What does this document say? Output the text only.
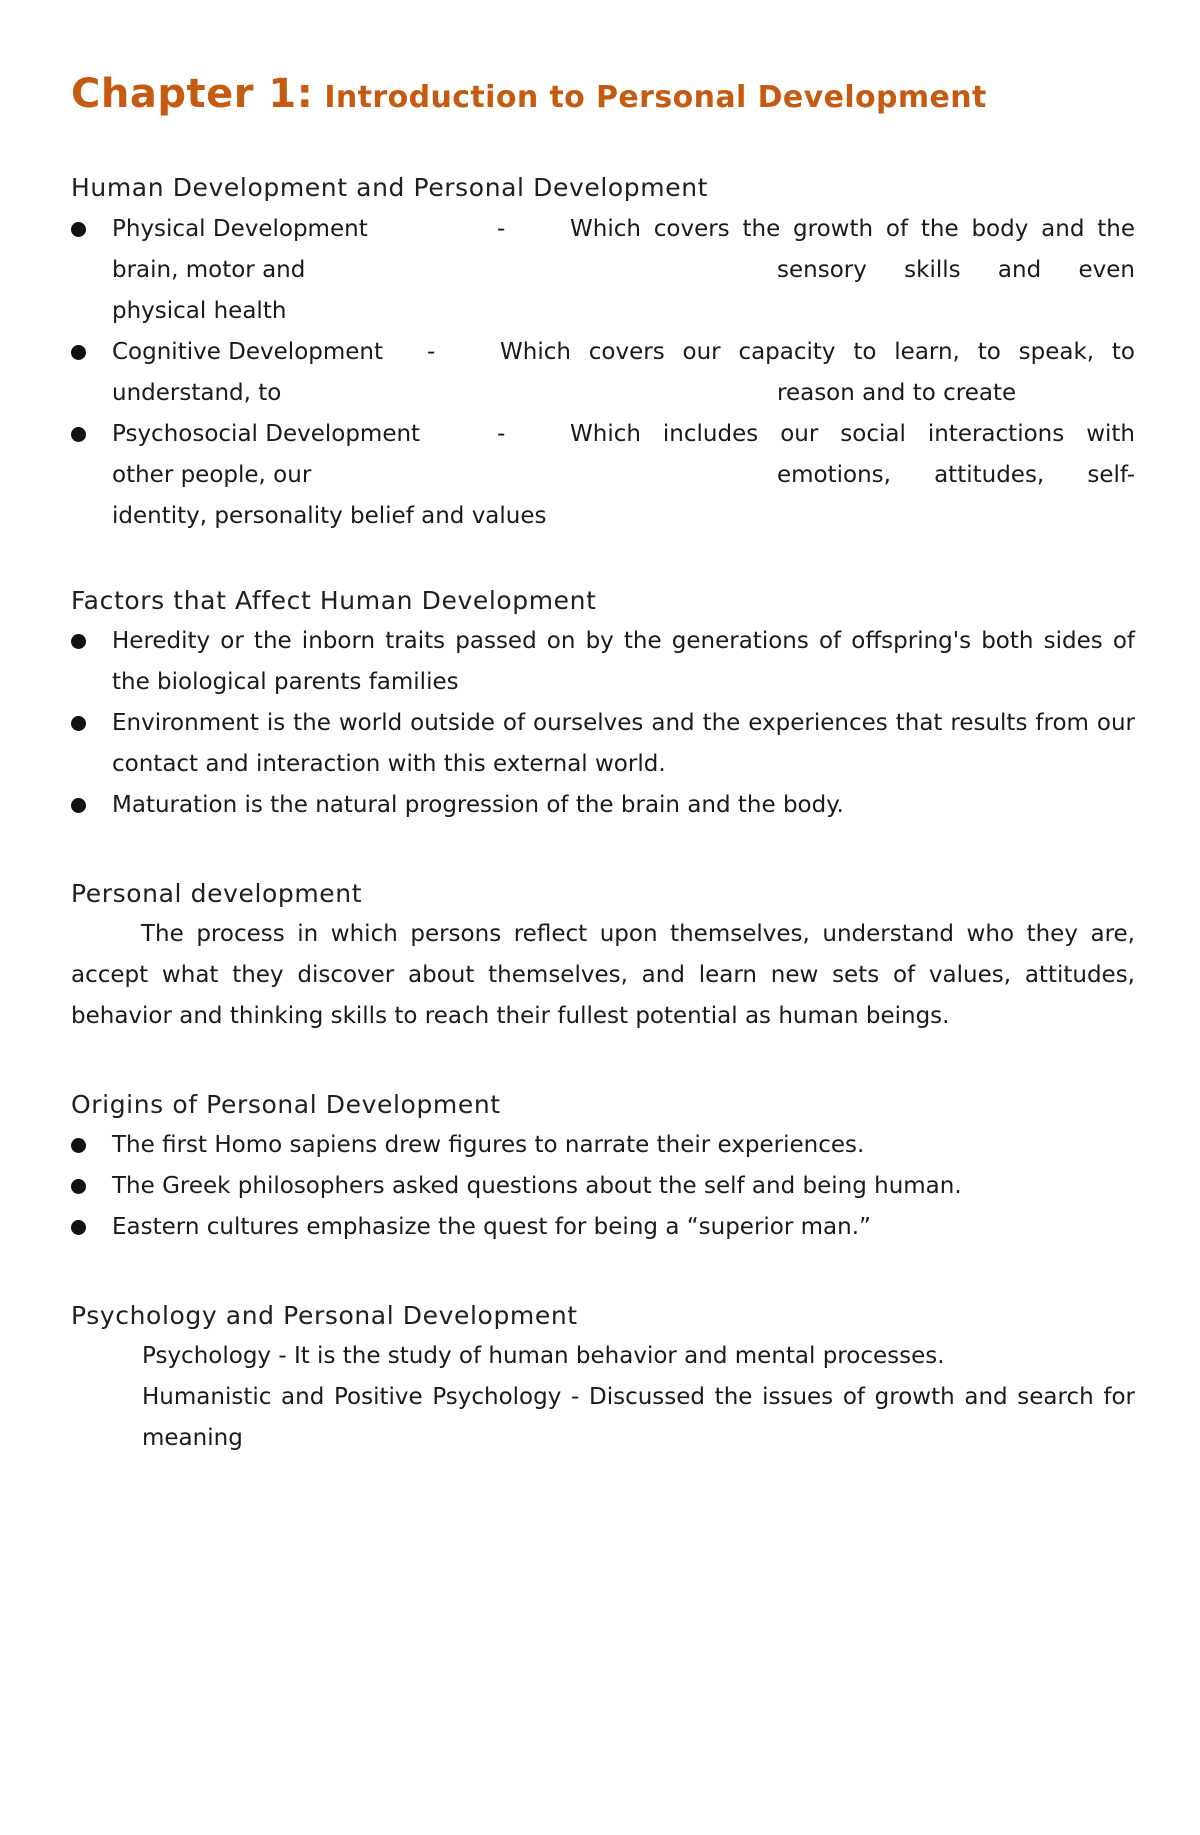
Chapter 1: Introduction to Personal Development
Human Development and Personal Development
Physical Development	-	Which covers the growth of the body and the
brain, motor and	sensory skills and even
physical health
Cognitive Development	-	Which covers our capacity to learn, to speak, to
understand, to	reason and to create
Psychosocial Development	-	Which includes our social interactions with
other people, our	emotions, attitudes, self-
identity, personality belief and values
Factors that Affect Human Development
Heredity or the inborn traits passed on by the generations of offspring's both sides of the biological parents families
Environment is the world outside of ourselves and the experiences that results from our contact and interaction with this external world.
Maturation is the natural progression of the brain and the body.
Personal development

The process in which persons reflect upon themselves, understand who they are, accept what they discover about themselves, and learn new sets of values, attitudes, behavior and thinking skills to reach their fullest potential as human beings.

Origins of Personal Development
The first Homo sapiens drew figures to narrate their experiences.
The Greek philosophers asked questions about the self and being human.
Eastern cultures emphasize the quest for being a “superior man.”
Psychology and Personal Development

Psychology - It is the study of human behavior and mental processes.

Humanistic and Positive Psychology - Discussed the issues of growth and search for meaning
